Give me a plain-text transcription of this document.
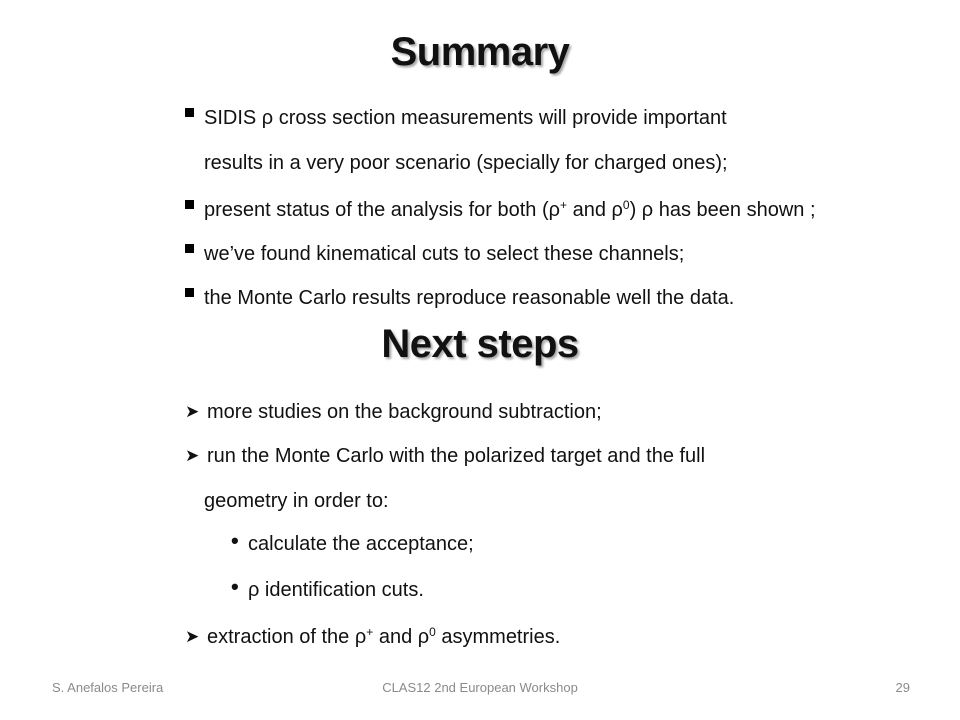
Summary
SIDIS ρ cross section measurements will provide important
results in a very poor scenario (specially for charged ones);
present status of the analysis for both (ρ+ and $\rho^0$) ρ has been shown ;
we’ve found kinematical cuts to select these channels;
the Monte Carlo results reproduce reasonable well the data.
Next steps
➤ more studies on the background subtraction;
➤ run the Monte Carlo with the polarized target and the full
geometry in order to:
• calculate the acceptance;
• ρ identification cuts.
➤ extraction of the ρ+ and $\rho^0$ asymmetries.
S. Anefalos Pereira	CLAS12 2nd European Workshop	29
